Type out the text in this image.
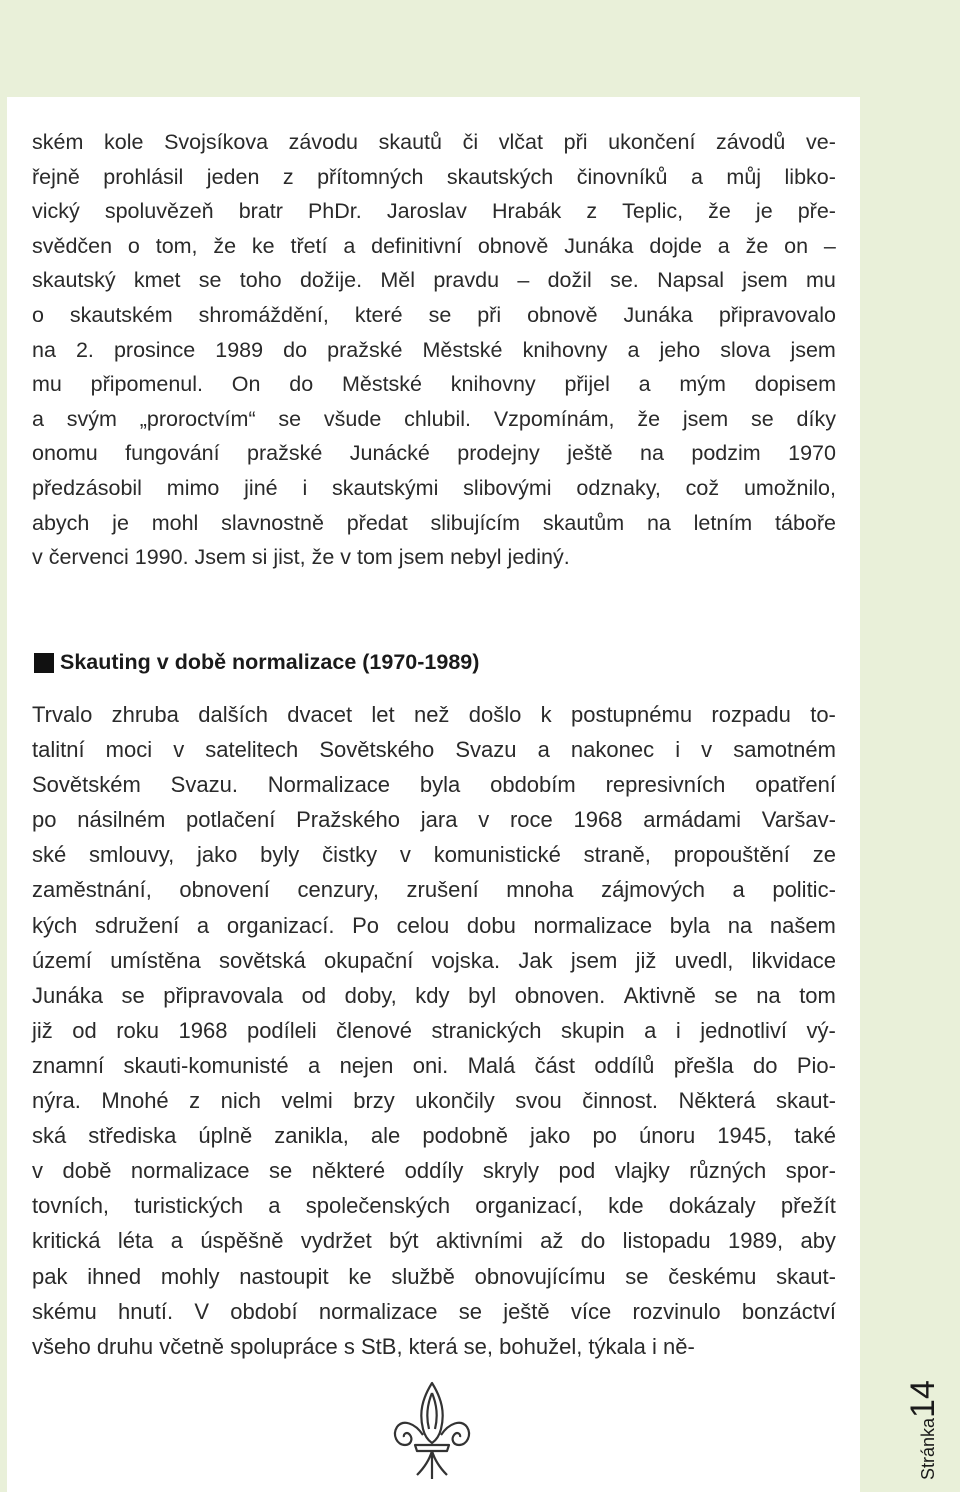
ském kole Svojsíkova závodu skautů či vlčat při ukončení závodů ve-
řejně prohlásil jeden z přítomných skautských činovníků a můj libko-
vický spoluvězeň bratr PhDr. Jaroslav Hrabák z Teplic, že je pře-
svědčen o tom, že ke třetí a definitivní obnově Junáka dojde a že on –
skautský kmet se toho dožije. Měl pravdu – dožil se. Napsal jsem mu
o skautském shromáždění, které se při obnově Junáka připravovalo
na 2. prosince 1989 do pražské Městské knihovny a jeho slova jsem
mu připomenul. On do Městské knihovny přijel a mým dopisem
a svým „proroctvím“ se všude chlubil. Vzpomínám, že jsem se díky
onomu fungování pražské Junácké prodejny ještě na podzim 1970
předzásobil mimo jiné i skautskými slibovými odznaky, což umožnilo,
abych je mohl slavnostně předat slibujícím skautům na letním táboře
v červenci 1990. Jsem si jist, že v tom jsem nebyl jediný.
Skauting v době normalizace (1970-1989)
Trvalo zhruba dalších dvacet let než došlo k postupnému rozpadu to-
talitní moci v satelitech Sovětského Svazu a nakonec i v samotném
Sovětském Svazu. Normalizace byla obdobím represivních opatření
po násilném potlačení Pražského jara v roce 1968 armádami Varšav-
ské smlouvy, jako byly čistky v komunistické straně, propouštění ze
zaměstnání, obnovení cenzury, zrušení mnoha zájmových a politic-
kých sdružení a organizací. Po celou dobu normalizace byla na našem
území umístěna sovětská okupační vojska. Jak jsem již uvedl, likvidace
Junáka se připravovala od doby, kdy byl obnoven. Aktivně se na tom
již od roku 1968 podíleli členové stranických skupin a i jednotliví vý-
znamní skauti-komunisté a nejen oni. Malá část oddílů přešla do Pio-
nýra. Mnohé z nich velmi brzy ukončily svou činnost. Některá skaut-
ská střediska úplně zanikla, ale podobně jako po únoru 1945, také
v době normalizace se některé oddíly skryly pod vlajky různých spor-
tovních, turistických a společenských organizací, kde dokázaly přežít
kritická léta a úspěšně vydržet být aktivními až do listopadu 1989, aby
pak ihned mohly nastoupit ke službě obnovujícímu se českému skaut-
skému hnutí. V období normalizace se ještě více rozvinulo bonzáctví
všeho druhu včetně spolupráce s StB, která se, bohužel, týkala i ně-
Stránka
14
